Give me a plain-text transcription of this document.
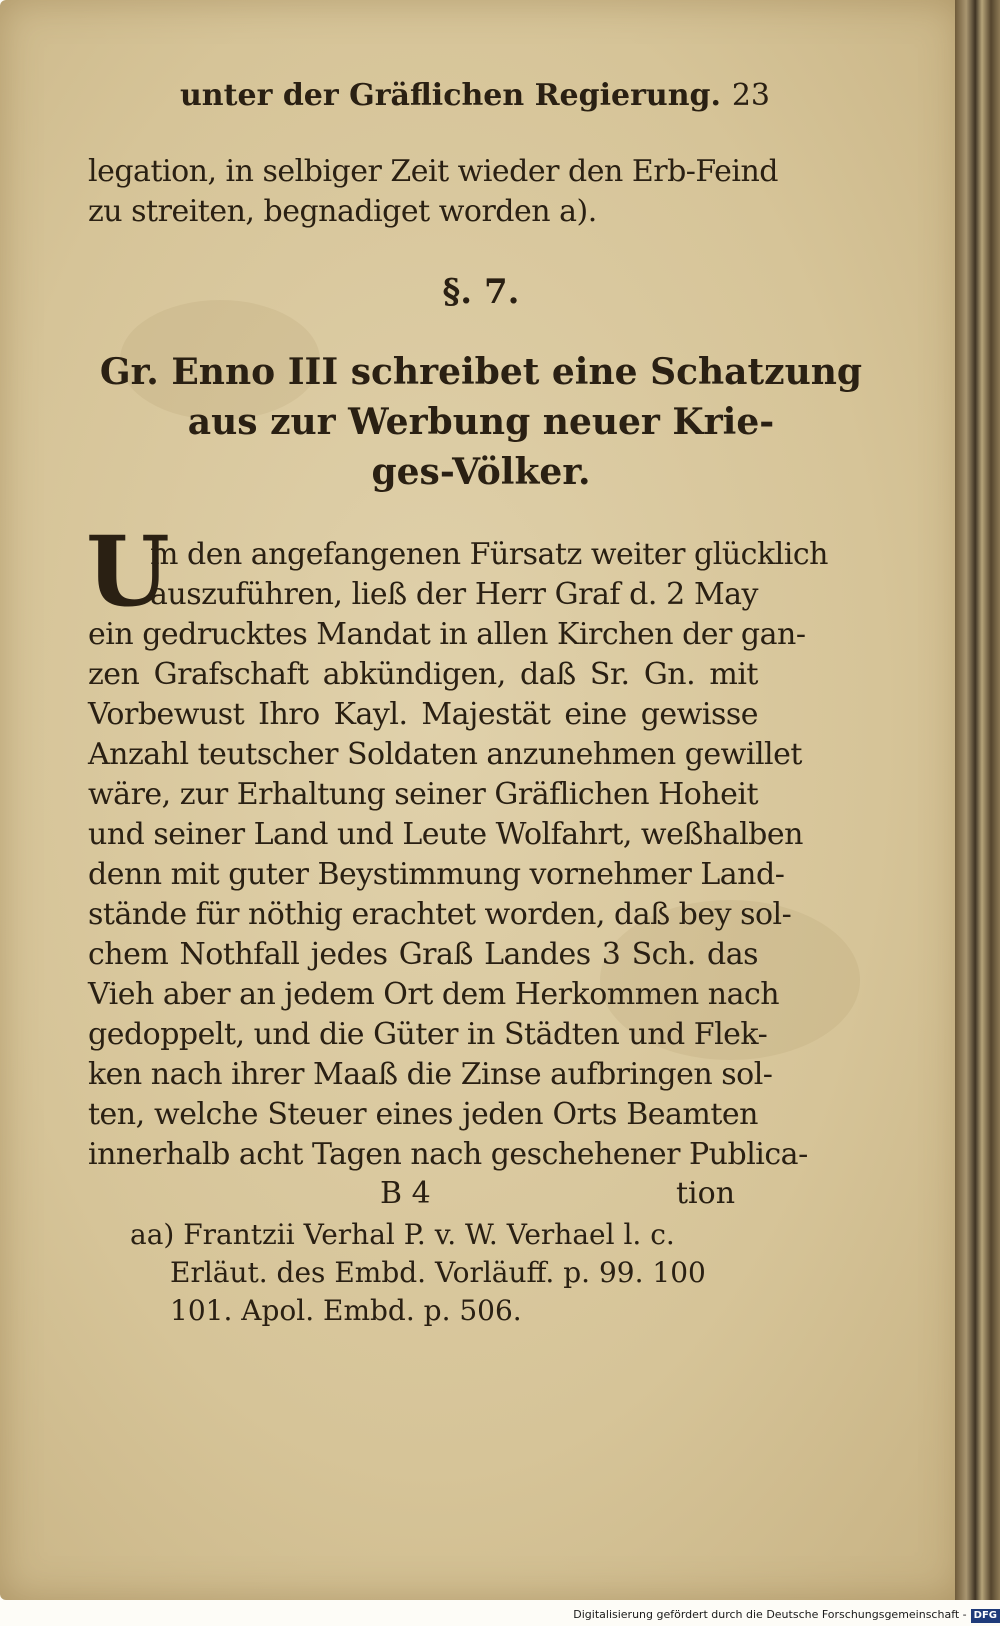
unter der Gräflichen Regierung. 23
legation, in selbiger Zeit wieder den Erb-Feind
zu streiten, begnadiget worden a).
§. 7.
Gr. Enno III schreibet eine Schatzung
aus zur Werbung neuer Krie-
ges-Völker.
U
m den angefangenen Fürsatz weiter glücklich
auszuführen, ließ der Herr Graf d. 2 May
ein gedrucktes Mandat in allen Kirchen der gan-
zen Grafschaft abkündigen, daß Sr. Gn. mit
Vorbewust Ihro Kayl. Majestät eine gewisse
Anzahl teutscher Soldaten anzunehmen gewillet
wäre, zur Erhaltung seiner Gräflichen Hoheit
und seiner Land und Leute Wolfahrt, weßhalben
denn mit guter Beystimmung vornehmer Land-
stände für nöthig erachtet worden, daß bey sol-
chem Nothfall jedes Graß Landes 3 Sch. das
Vieh aber an jedem Ort dem Herkommen nach
gedoppelt, und die Güter in Städten und Flek-
ken nach ihrer Maaß die Zinse aufbringen sol-
ten, welche Steuer eines jeden Orts Beamten
innerhalb acht Tagen nach geschehener Publica-
B 4	tion
aa) Frantzii Verhal P. v. W. Verhael l. c.
Erläut. des Embd. Vorläuff. p. 99. 100
101. Apol. Embd. p. 506.
Digitalisierung gefördert durch die Deutsche Forschungsgemeinschaft - DFG
